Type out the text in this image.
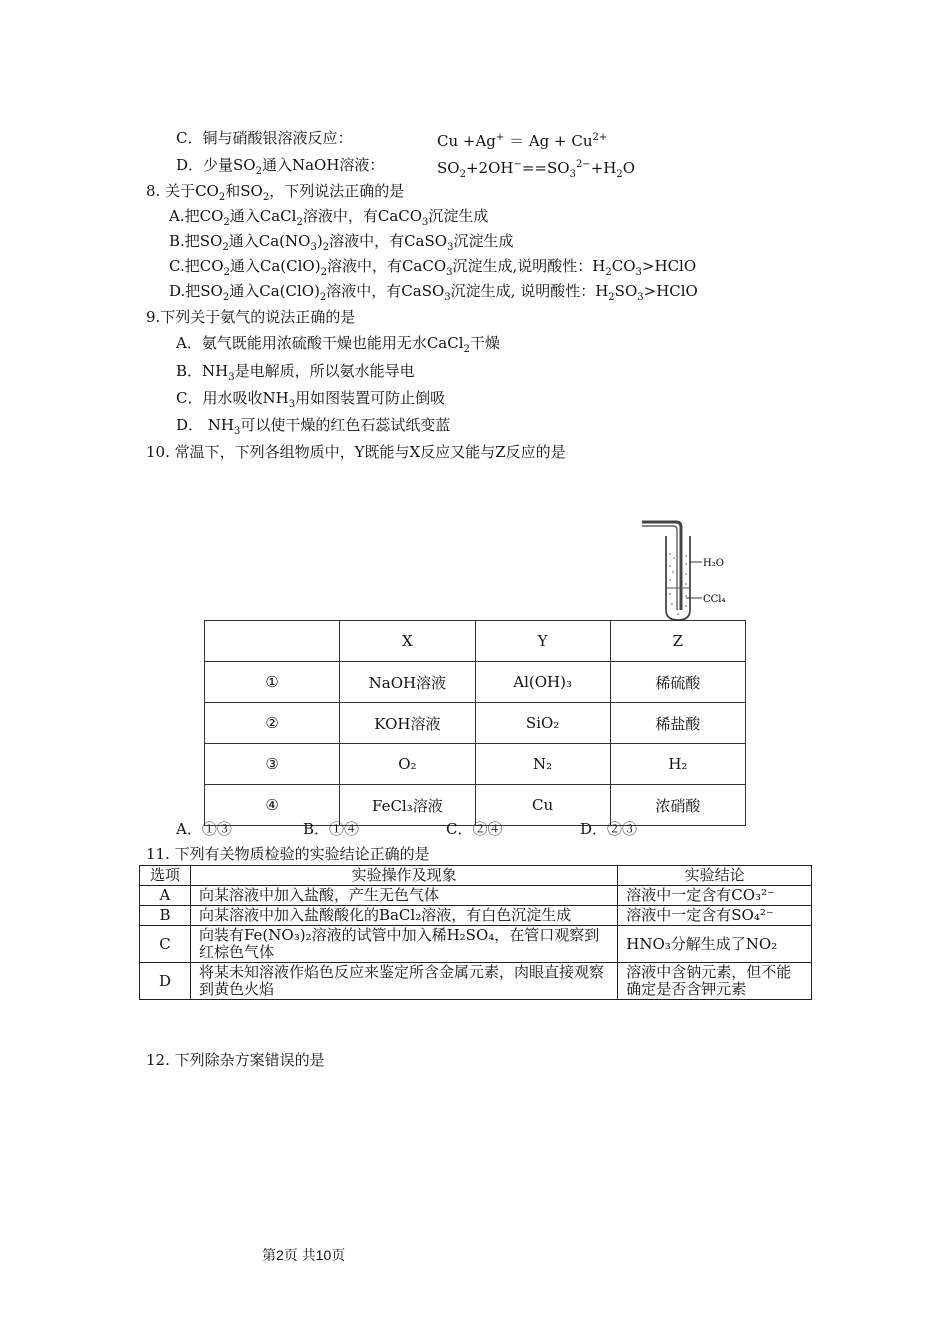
C．铜与硝酸银溶液反应：	$Cu +Ag^+ = Ag + Cu^{2+}$
D．少量$SO_2$通入NaOH溶液：	$SO_2+2OH^-==SO_3^{2-}+H_2O$
8. 关于$CO_2$和$SO_2$，下列说法正确的是
A.把$CO_2$通入CaCl$_2$溶液中，有CaCO$_3$沉淀生成
B.把$SO_2$通入$Ca(NO_3)_2$溶液中，有CaSO$_3$沉淀生成
C.把$CO_2$通入$Ca(ClO)_2$溶液中，有CaCO$_3$沉淀生成,说明酸性：$H_2CO_3>HClO$
D.把$SO_2$通入$Ca(ClO)_2$溶液中，有CaSO$_3$沉淀生成, 说明酸性：$H_2SO_3>HClO$
9.下列关于氨气的说法正确的是
A．氨气既能用浓硫酸干燥也能用无水CaCl$_2$干燥
B．$NH_3$是电解质，所以氨水能导电
C．用水吸收$NH_3$用如图装置可防止倒吸
D． $NH_3$可以使干燥的红色石蕊试纸变蓝
10. 常温下，下列各组物质中，Y既能与X反应又能与Z反应的是
H₂O
CCl₄
	X	Y	Z
①	NaOH溶液	Al(OH)₃	稀硫酸
②	KOH溶液	SiO₂	稀盐酸
③	O₂	N₂	H₂
④	FeCl₃溶液	Cu	浓硝酸
A．①③	B．①④	C．②④	D．②③
11. 下列有关物质检验的实验结论正确的是
选项	实验操作及现象	实验结论
A	向某溶液中加入盐酸，产生无色气体	溶液中一定含有CO₃²⁻
B	向某溶液中加入盐酸酸化的BaCl₂溶液，有白色沉淀生成	溶液中一定含有SO₄²⁻
C	向装有Fe(NO₃)₂溶液的试管中加入稀H₂SO₄，在管口观察到红棕色气体	HNO₃分解生成了NO₂
D	将某未知溶液作焰色反应来鉴定所含金属元素，肉眼直接观察到黄色火焰	溶液中含钠元素，但不能确定是否含钾元素
12. 下列除杂方案错误的是
第2页 共10页
